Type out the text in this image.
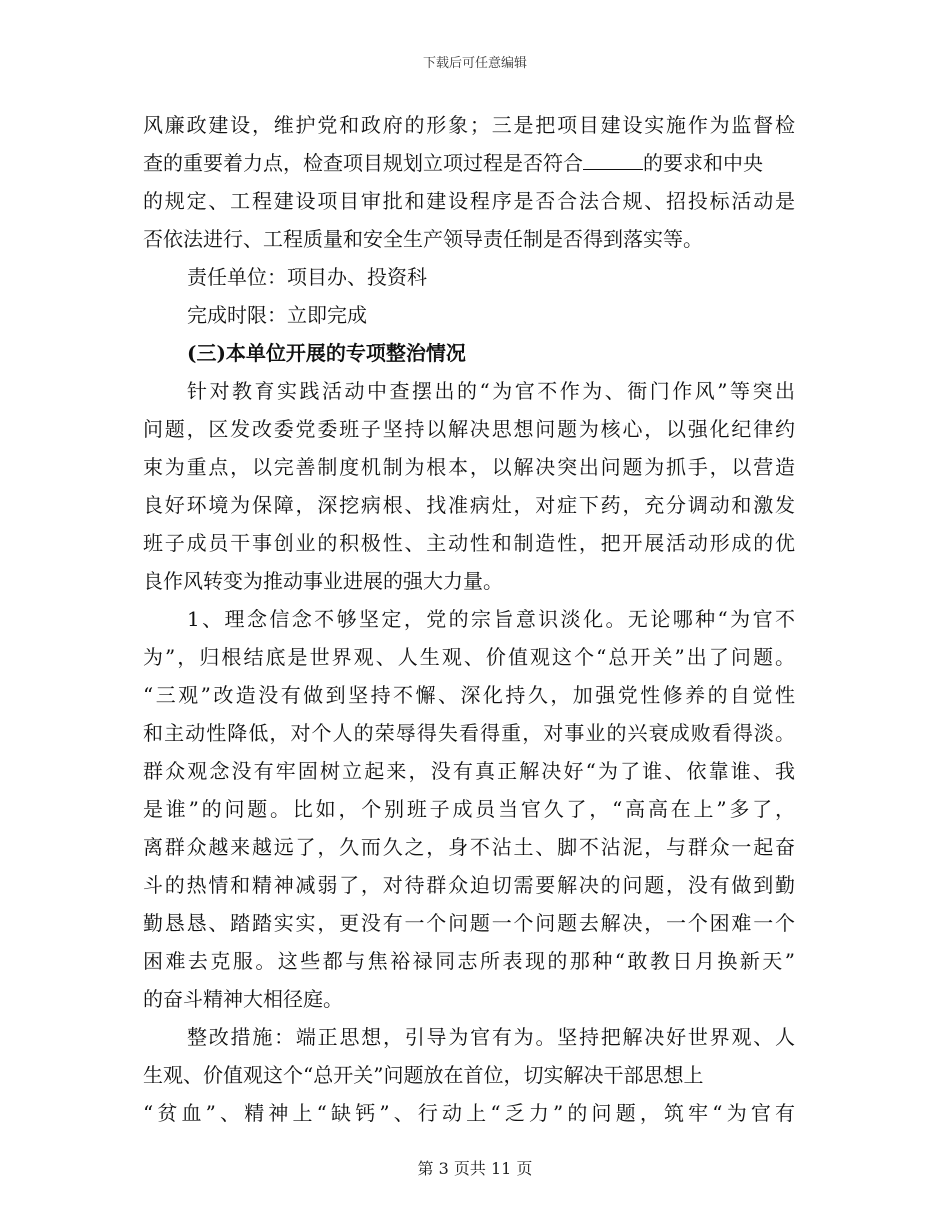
下载后可任意编辑
风廉政建设，维护党和政府的形象；三是把项目建设实施作为监督检
查的重要着力点，检查项目规划立项过程是否符合	的要求和中央
的规定、工程建设项目审批和建设程序是否合法合规、招投标活动是
否依法进行、工程质量和安全生产领导责任制是否得到落实等。
责任单位：项目办、投资科
完成时限：立即完成
(三)本单位开展的专项整治情况
针对教育实践活动中查摆出的“为官不作为、衙门作风”等突出
问题，区发改委党委班子坚持以解决思想问题为核心，以强化纪律约
束为重点，以完善制度机制为根本，以解决突出问题为抓手，以营造
良好环境为保障，深挖病根、找准病灶，对症下药，充分调动和激发
班子成员干事创业的积极性、主动性和制造性，把开展活动形成的优
良作风转变为推动事业进展的强大力量。
1、理念信念不够坚定，党的宗旨意识淡化。无论哪种“为官不
为”，归根结底是世界观、人生观、价值观这个“总开关”出了问题。
“三观”改造没有做到坚持不懈、深化持久，加强党性修养的自觉性
和主动性降低，对个人的荣辱得失看得重，对事业的兴衰成败看得淡。
群众观念没有牢固树立起来，没有真正解决好“为了谁、依靠谁、我
是谁”的问题。比如，个别班子成员当官久了，“高高在上”多了，
离群众越来越远了，久而久之，身不沾土、脚不沾泥，与群众一起奋
斗的热情和精神减弱了，对待群众迫切需要解决的问题，没有做到勤
勤恳恳、踏踏实实，更没有一个问题一个问题去解决，一个困难一个
困难去克服。这些都与焦裕禄同志所表现的那种“敢教日月换新天”
的奋斗精神大相径庭。
整改措施：端正思想，引导为官有为。坚持把解决好世界观、人
生观、价值观这个“总开关”问题放在首位，切实解决干部思想上
“贫血”、精神上“缺钙”、行动上“乏力”的问题，筑牢“为官有
第 3 页共 11 页
